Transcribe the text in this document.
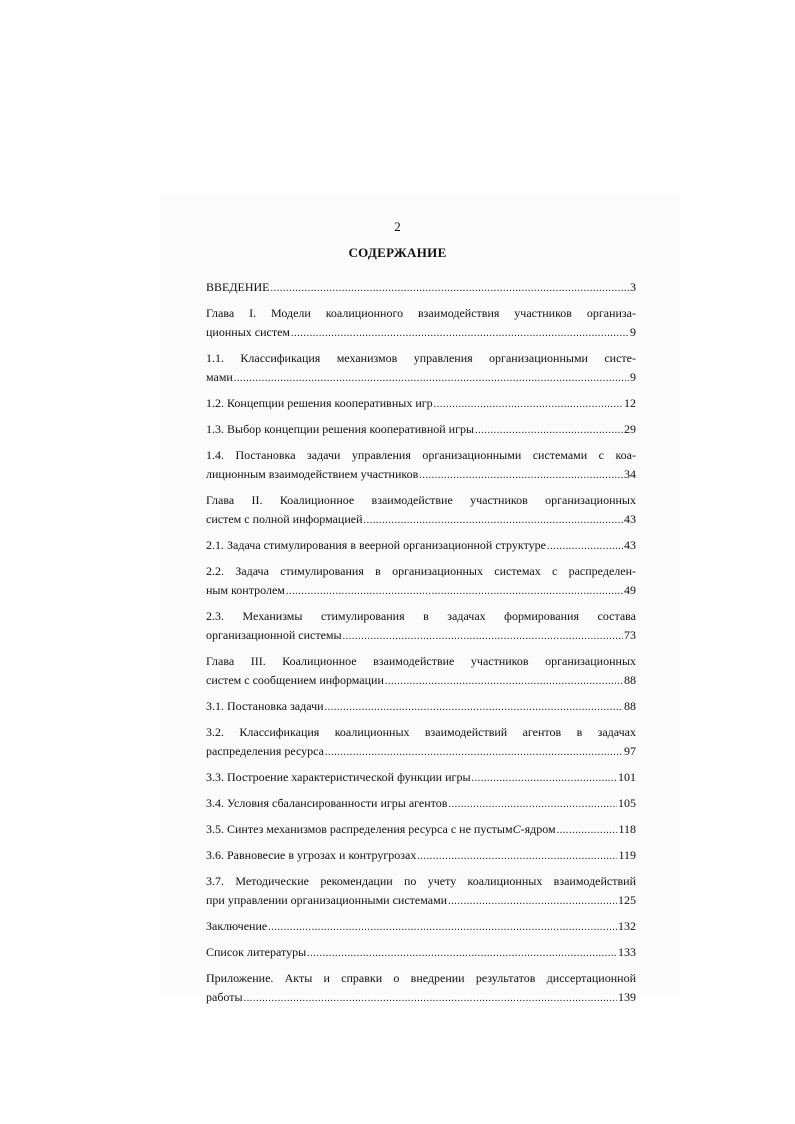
2
СОДЕРЖАНИЕ
ВВЕДЕНИЕ .....	3
Глава I. Модели коалиционного взаимодействия участников организа-
ционных систем .....	9
1.1. Классификация механизмов управления организационными систе-
мами .....	9
1.2. Концепции решения кооперативных игр .....	12
1.3. Выбор концепции решения кооперативной игры .....	29
1.4. Постановка задачи управления организационными системами с коа-
лиционным взаимодействием участников .....	34
Глава II. Коалиционное взаимодействие участников организационных
систем с полной информацией .....	43
2.1. Задача стимулирования в веерной организационной структуре .....	43
2.2. Задача стимулирования в организационных системах с распределен-
ным контролем .....	49
2.3. Механизмы стимулирования в задачах формирования состава
организационной системы .....	73
Глава III. Коалиционное взаимодействие участников организационных
систем с сообщением информации .....	88
3.1. Постановка задачи .....	88
3.2. Классификация коалиционных взаимодействий агентов в задачах
распределения ресурса .....	97
3.3. Построение характеристической функции игры .....	101
3.4. Условия сбалансированности игры агентов .....	105
3.5. Синтез механизмов распределения ресурса с не пустым C -ядром .....	118
3.6. Равновесие в угрозах и контругрозах .....	119
3.7. Методические рекомендации по учету коалиционных взаимодействий
при управлении организационными системами .....	125
Заключение .....	132
Список литературы .....	133
Приложение. Акты и справки о внедрении результатов диссертационной
работы .....	139
